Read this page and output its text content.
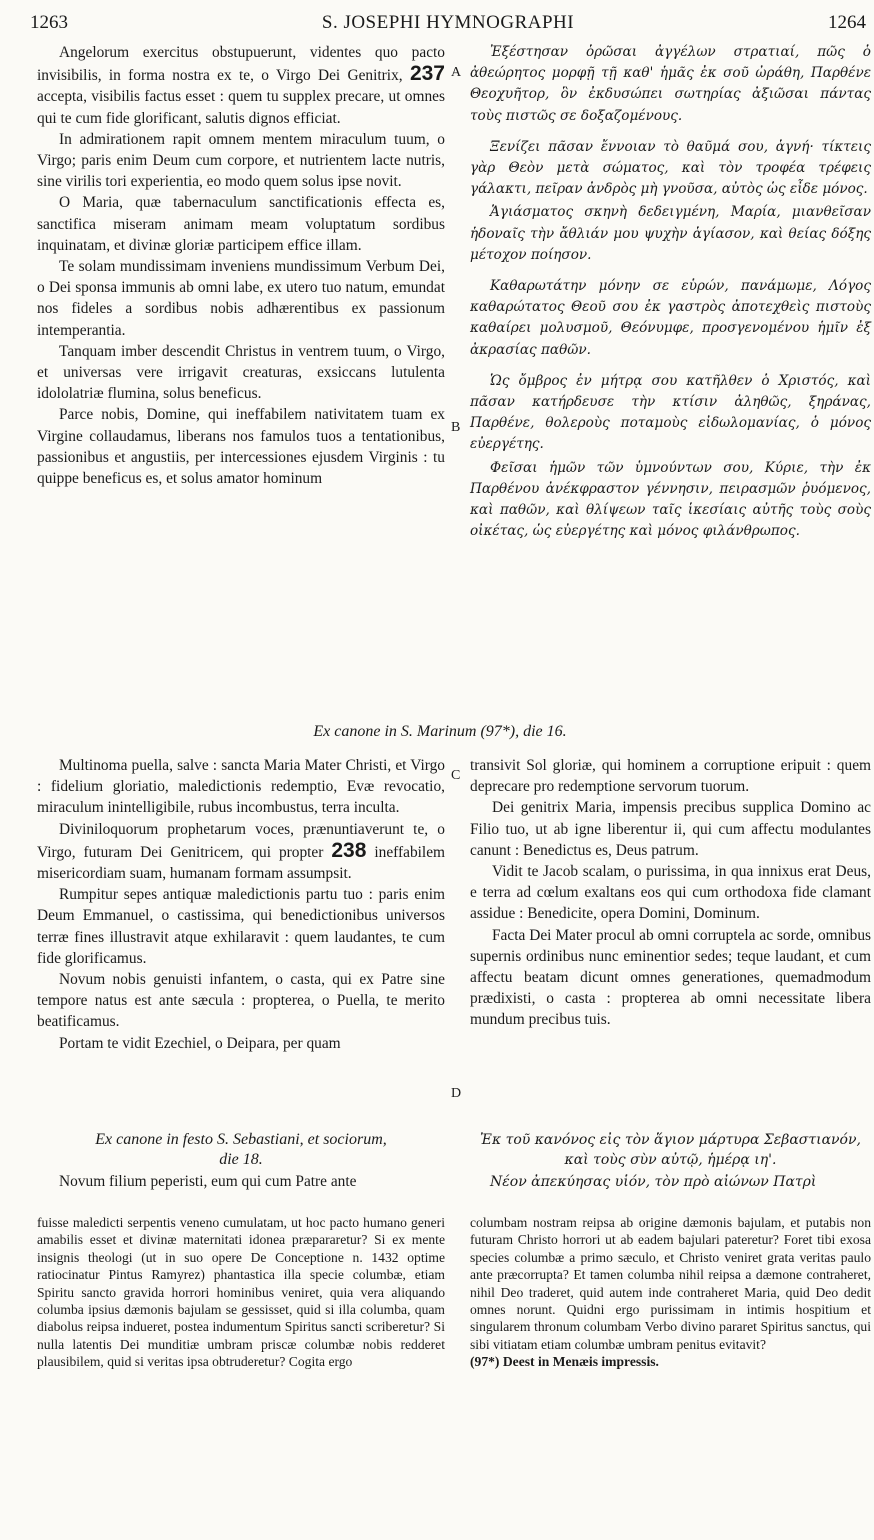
1263	S. JOSEPHI HYMNOGRAPHI	1264
A
B
C
D

Angelorum exercitus obstupuerunt, videntes quo pacto invisibilis, in forma nostra ex te, o Virgo Dei Genitrix, 237 accepta, visibilis factus esset : quem tu supplex precare, ut omnes qui te cum fide glorificant, salutis dignos efficiat.

In admirationem rapit omnem mentem miraculum tuum, o Virgo; paris enim Deum cum corpore, et nutrientem lacte nutris, sine virilis tori experientia, eo modo quem solus ipse novit.

O Maria, quæ tabernaculum sanctificationis effecta es, sanctifica miseram animam meam voluptatum sordibus inquinatam, et divinæ gloriæ participem effice illam.

Te solam mundissimam inveniens mundissimum Verbum Dei, o Dei sponsa immunis ab omni labe, ex utero tuo natum, emundat nos fideles a sordibus nobis adhærentibus ex passionum intemperantia.

Tanquam imber descendit Christus in ventrem tuum, o Virgo, et universas vere irrigavit creaturas, exsiccans lutulenta idololatriæ flumina, solus beneficus.

Parce nobis, Domine, qui ineffabilem nativitatem tuam ex Virgine collaudamus, liberans nos famulos tuos a tentationibus, passionibus et angustiis, per intercessiones ejusdem Virginis : tu quippe beneficus es, et solus amator hominum

Ἐξέστησαν ὁρῶσαι ἀγγέλων στρατιαί, πῶς ὁ ἀθεώρητος μορφῇ τῇ καθ' ἡμᾶς ἐκ σοῦ ὠράθη, Παρθένε Θεοχυῆτορ, ὃν ἐκδυσώπει σωτηρίας ἀξιῶσαι πάντας τοὺς πιστῶς σε δοξαζομένους.

Ξενίζει πᾶσαν ἔννοιαν τὸ θαῦμά σου, ἁγνή· τίκτεις γὰρ Θεὸν μετὰ σώματος, καὶ τὸν τροφέα τρέφεις γάλακτι, πεῖραν ἀνδρὸς μὴ γνοῦσα, αὐτὸς ὡς εἶδε μόνος.

Ἁγιάσματος σκηνὴ δεδειγμένη, Μαρία, μιανθεῖσαν ἡδοναῖς τὴν ἄθλιάν μου ψυχὴν ἁγίασον, καὶ θείας δόξης μέτοχον ποίησον.

Καθαρωτάτην μόνην σε εὑρών, πανάμωμε, Λόγος καθαρώτατος Θεοῦ σου ἐκ γαστρὸς ἀποτεχθεὶς πιστοὺς καθαίρει μολυσμοῦ, Θεόνυμφε, προσγενομένου ἡμῖν ἐξ ἀκρασίας παθῶν.

Ὡς ὄμβρος ἐν μήτρᾳ σου κατῆλθεν ὁ Χριστός, καὶ πᾶσαν κατήρδευσε τὴν κτίσιν ἀληθῶς, ξηράνας, Παρθένε, θολεροὺς ποταμοὺς εἰδωλομανίας, ὁ μόνος εὐεργέτης.

Φεῖσαι ἡμῶν τῶν ὑμνούντων σου, Κύριε, τὴν ἐκ Παρθένου ἀνέκφραστον γέννησιν, πειρασμῶν ῥυόμενος, καὶ παθῶν, καὶ θλίψεων ταῖς ἱκεσίαις αὐτῆς τοὺς σοὺς οἰκέτας, ὡς εὐεργέτης καὶ μόνος φιλάνθρωπος.

Ex canone in S. Marinum (97*), die 16.

Multinoma puella, salve : sancta Maria Mater Christi, et Virgo : fidelium gloriatio, maledictionis redemptio, Evæ revocatio, miraculum inintelligibile, rubus incombustus, terra inculta.

Diviniloquorum prophetarum voces, prænuntiaverunt te, o Virgo, futuram Dei Genitricem, qui propter 238 ineffabilem misericordiam suam, humanam formam assumpsit.

Rumpitur sepes antiquæ maledictionis partu tuo : paris enim Deum Emmanuel, o castissima, qui benedictionibus universos terræ fines illustravit atque exhilaravit : quem laudantes, te cum fide glorificamus.

Novum nobis genuisti infantem, o casta, qui ex Patre sine tempore natus est ante sæcula : propterea, o Puella, te merito beatificamus.

Portam te vidit Ezechiel, o Deipara, per quam

transivit Sol gloriæ, qui hominem a corruptione eripuit : quem deprecare pro redemptione servorum tuorum.

Dei genitrix Maria, impensis precibus supplica Domino ac Filio tuo, ut ab igne liberentur ii, qui cum affectu modulantes canunt : Benedictus es, Deus patrum.

Vidit te Jacob scalam, o purissima, in qua innixus erat Deus, e terra ad cœlum exaltans eos qui cum orthodoxa fide clamant assidue : Benedicite, opera Domini, Dominum.

Facta Dei Mater procul ab omni corruptela ac sorde, omnibus supernis ordinibus nunc eminentior sedes; teque laudant, et cum affectu beatam dicunt omnes generationes, quemadmodum prædixisti, o casta : propterea ab omni necessitate libera mundum precibus tuis.

Ex canone in festo S. Sebastiani, et sociorum,
die 18.
Novum filium peperisti, eum qui cum Patre ante
Ἐκ τοῦ κανόνος εἰς τὸν ἅγιον μάρτυρα Σεβαστιανόν, καὶ τοὺς σὺν αὐτῷ, ἡμέρᾳ ιη'.
Νέον ἀπεκύησας υἱόν, τὸν πρὸ αἰώνων Πατρὶ
fuisse maledicti serpentis veneno cumulatam, ut hoc pacto humano generi amabilis esset et divinæ maternitati idonea præpararetur? Si ex mente insignis theologi (ut in suo opere De Conceptione n. 1432 optime ratiocinatur Pintus Ramyrez) phantastica illa specie columbæ, etiam Spiritu sancto gravida horrori hominibus veniret, quia vera aliquando columba ipsius dæmonis bajulam se gessisset, quid si illa columba, quam diabolus reipsa indueret, postea indumentum Spiritus sancti scriberetur? Si nulla latentis Dei munditiæ umbram priscæ columbæ nobis redderet plausibilem, quid si veritas ipsa obtruderetur? Cogita ergo
columbam nostram reipsa ab origine dæmonis bajulam, et putabis non futuram Christo horrori ut ab eadem bajulari pateretur? Foret tibi exosa species columbæ a primo sæculo, et Christo veniret grata veritas paulo ante præcorrupta? Et tamen columba nihil reipsa a dæmone contraheret, nihil Deo traderet, quid autem inde contraheret Maria, quid Deo dedit omnes norunt. Quidni ergo purissimam in intimis hospitium et singularem thronum columbam Verbo divino pararet Spiritus sanctus, qui sibi vitiatam etiam columbæ umbram penitus evitavit?
(97*) Deest in Menæis impressis.
